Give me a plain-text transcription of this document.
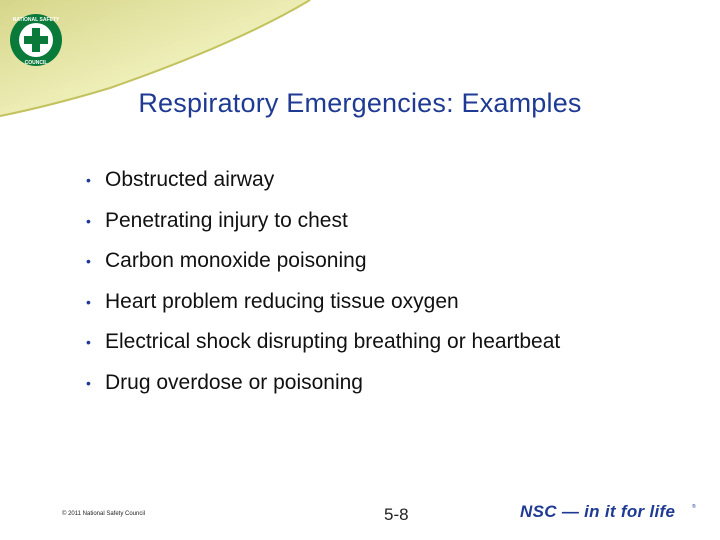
NATIONAL SAFETY
COUNCIL
Respiratory Emergencies: Examples
• Obstructed airway
• Penetrating injury to chest
• Carbon monoxide poisoning
• Heart problem reducing tissue oxygen
• Electrical shock disrupting breathing or heartbeat
• Drug overdose or poisoning
© 2011 National Safety Council	5-8	NSC — in it for life	®
